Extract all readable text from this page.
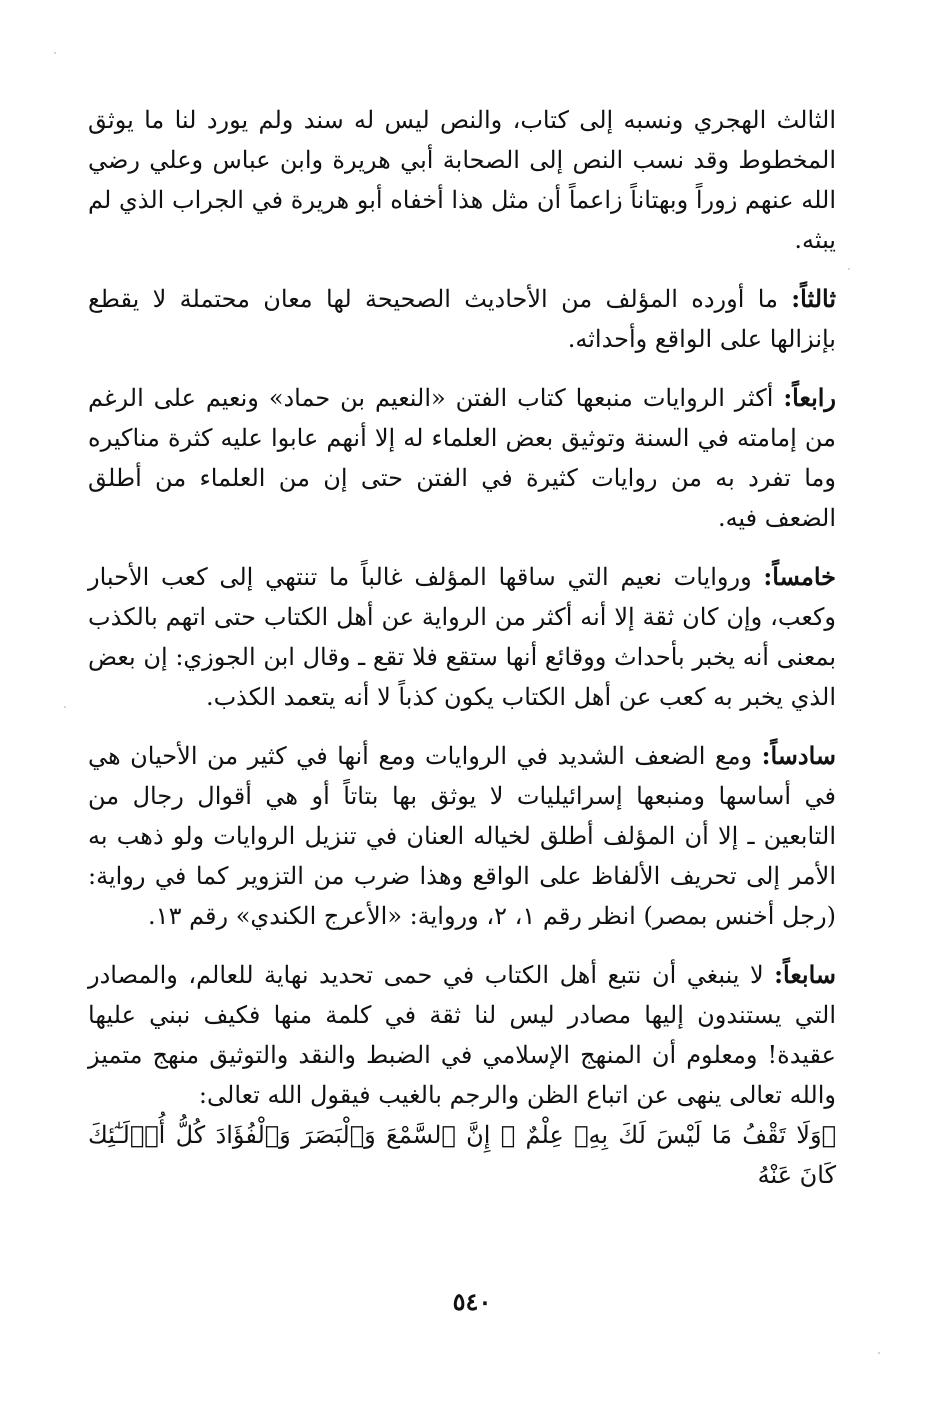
الثالث الهجري ونسبه إلى كتاب، والنص ليس له سند ولم يورد لنا ما يوثق المخطوط وقد نسب النص إلى الصحابة أبي هريرة وابن عباس وعلي رضي الله عنهم زوراً وبهتاناً زاعماً أن مثل هذا أخفاه أبو هريرة في الجراب الذي لم يبثه.

ثالثاً: ما أورده المؤلف من الأحاديث الصحيحة لها معان محتملة لا يقطع بإنزالها على الواقع وأحداثه.

رابعاً: أكثر الروايات منبعها كتاب الفتن «النعيم بن حماد» ونعيم على الرغم من إمامته في السنة وتوثيق بعض العلماء له إلا أنهم عابوا عليه كثرة مناكيره وما تفرد به من روايات كثيرة في الفتن حتى إن من العلماء من أطلق الضعف فيه.

خامساً: وروايات نعيم التي ساقها المؤلف غالباً ما تنتهي إلى كعب الأحبار وكعب، وإن كان ثقة إلا أنه أكثر من الرواية عن أهل الكتاب حتى اتهم بالكذب بمعنى أنه يخبر بأحداث ووقائع أنها ستقع فلا تقع ـ وقال ابن الجوزي: إن بعض الذي يخبر به كعب عن أهل الكتاب يكون كذباً لا أنه يتعمد الكذب.

سادساً: ومع الضعف الشديد في الروايات ومع أنها في كثير من الأحيان هي في أساسها ومنبعها إسرائيليات لا يوثق بها بتاتاً أو هي أقوال رجال من التابعين ـ إلا أن المؤلف أطلق لخياله العنان في تنزيل الروايات ولو ذهب به الأمر إلى تحريف الألفاظ على الواقع وهذا ضرب من التزوير كما في رواية: (رجل أخنس بمصر) انظر رقم ١، ٢، ورواية: «الأعرج الكندي» رقم ١٣.

سابعاً: لا ينبغي أن نتبع أهل الكتاب في حمى تحديد نهاية للعالم، والمصادر التي يستندون إليها مصادر ليس لنا ثقة في كلمة منها فكيف نبني عليها عقيدة! ومعلوم أن المنهج الإسلامي في الضبط والنقد والتوثيق منهج متميز والله تعالى ينهى عن اتباع الظن والرجم بالغيب فيقول الله تعالى:

﴿وَلَا تَقْفُ مَا لَيْسَ لَكَ بِهِۦ عِلْمٌ ۚ إِنَّ ٱلسَّمْعَ وَٱلْبَصَرَ وَٱلْفُؤَادَ كُلُّ أُو۟لَـٰٓئِكَ كَانَ عَنْهُ

٥٤٠
